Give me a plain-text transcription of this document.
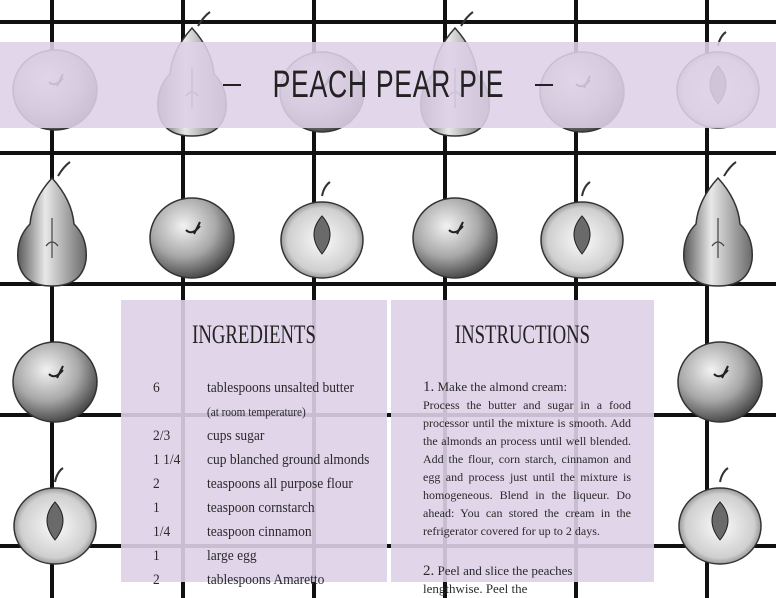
PEACH PEAR PIE
INGREDIENTS
6	tablespoons unsalted butter
(at room temperature)
2/3	cups sugar
1 1/4	cup blanched ground almonds
2	teaspoons all purpose flour
1	teaspoon cornstarch
1/4	teaspoon cinnamon
1	large egg
2	tablespoons Amaretto
INSTRUCTIONS
1. Make the almond cream:
Process the butter and sugar in a food processor until the mixture is smooth. Add the almonds an process until well blended. Add the flour, corn starch, cinnamon and egg and process just until the mixture is homogeneous. Blend in the liqueur. Do ahead: You can stored the cream in the refrigerator covered for up to 2 days.
2. Peel and slice the peaches lengthwise. Peel the
